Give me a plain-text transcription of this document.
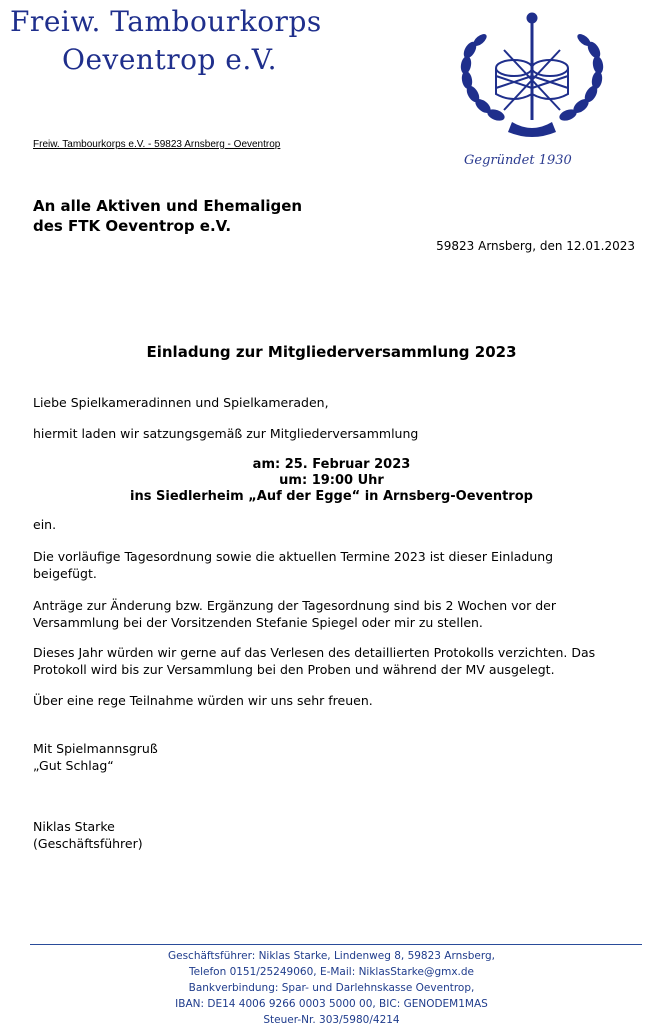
Freiw. Tambourkorps
Oeventrop e.V.
Freiw. Tambourkorps e.V. - 59823 Arnsberg - Oeventrop
Gegründet 1930
An alle Aktiven und Ehemaligen
des FTK Oeventrop e.V.
59823 Arnsberg, den 12.01.2023
Einladung zur Mitgliederversammlung 2023
Liebe Spielkameradinnen und Spielkameraden,
hiermit laden wir satzungsgemäß zur Mitgliederversammlung
am: 25. Februar 2023
um: 19:00 Uhr
ins Siedlerheim „Auf der Egge“ in Arnsberg-Oeventrop
ein.
Die vorläufige Tagesordnung sowie die aktuellen Termine 2023 ist dieser Einladung
beigefügt.
Anträge zur Änderung bzw. Ergänzung der Tagesordnung sind bis 2 Wochen vor der
Versammlung bei der Vorsitzenden Stefanie Spiegel oder mir zu stellen.
Dieses Jahr würden wir gerne auf das Verlesen des detaillierten Protokolls verzichten. Das
Protokoll wird bis zur Versammlung bei den Proben und während der MV ausgelegt.
Über eine rege Teilnahme würden wir uns sehr freuen.
Mit Spielmannsgruß
„Gut Schlag“
Niklas Starke
(Geschäftsführer)
Geschäftsführer: Niklas Starke, Lindenweg 8, 59823 Arnsberg,
Telefon 0151/25249060, E-Mail: NiklasStarke@gmx.de
Bankverbindung: Spar- und Darlehnskasse Oeventrop,
IBAN: DE14 4006 9266 0003 5000 00, BIC: GENODEM1MAS
Steuer-Nr. 303/5980/4214
